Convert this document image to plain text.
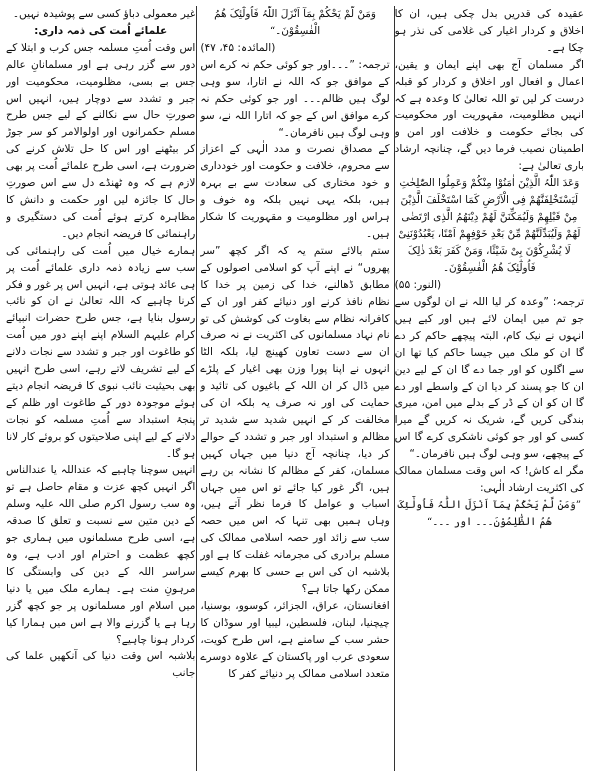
عقیدہ کی قدریں بدل چکی ہیں، ان کا اخلاق و کردار اغیار کی غلامی کی نذر ہو چکا ہے۔

اگر مسلمان آج بھی اپنے ایمان و یقین، اعمال و افعال اور اخلاق و کردار کو قبلہ درست کر لیں تو اللہ تعالیٰ کا وعدہ ہے کہ انہیں مظلومیت، مقہوریت اور محکومیت کی بجائے حکومت و خلافت اور امن و اطمینان نصیب فرما دیں گے، چنانچہ ارشاد باری تعالیٰ ہے:

وَعَدَ اللّٰہُ الَّذِیْنَ اٰمَنُوْا مِنْکُمْ وَعَمِلُوا الصّٰلِحٰتِ لَیَسْتَخْلِفَنَّھُمْ فِی الْاَرْضِ کَمَا اسْتَخْلَفَ الَّذِیْنَ مِنْ قَبْلِھِمْ وَلَیُمَکِّنَنَّ لَھُمْ دِیْنَھُمُ الَّذِی ارْتَضٰی لَھُمْ وَلَیُبَدِّلَنَّھُمْ مِّنْ بَعْدِ خَوْفِھِمْ اَمْنًا، یَعْبُدُوْنَنِیْ لَا یُشْرِکُوْنَ بِیْ شَیْئًا، وَمَنْ کَفَرَ بَعْدَ ذٰلِکَ فَاُولٰٓئِکَ ھُمُ الْفٰسِقُوْنَ۔

(النور: ۵۵)

ترجمہ: ”وعدہ کر لیا اللہ نے ان لوگوں سے جو تم میں ایمان لائے ہیں اور کیے ہیں انہوں نے نیک کام، البتہ پیچھے حاکم کر دے گا ان کو ملک میں جیسا حاکم کیا تھا ان سے اگلوں کو اور جما دے گا ان کے لیے دین ان کا جو پسند کر دیا ان کے واسطے اور دے گا ان کو ان کے ڈر کے بدلے میں امن، میری بندگی کریں گے، شریک نہ کریں گے میرا کسی کو اور جو کوئی ناشکری کرے گا اس کے پیچھے، سو وہی لوگ ہیں نافرمان۔“

مگر اے کاش! کہ اس وقت مسلمان ممالک کی اکثریت ارشاد الٰہی:

”وَمَنْ لَّمْ یَحْکُمْ بِمَآ اَنْزَلَ اللّٰہُ فَاُولٰٓئِکَ ھُمُ الظّٰلِمُوْنَ۔۔۔ اور ۔۔۔“

وَمَنْ لَّمْ یَحْکُمْ بِمَآ اَنْزَلَ اللّٰہُ فَاُولٰٓئِکَ ھُمُ الْفٰسِقُوْنَ۔“

(المائدہ: ۴۵، ۴۷)

ترجمہ: ”۔۔۔اور جو کوئی حکم نہ کرے اس کے موافق جو کہ اللہ نے اتارا، سو وہی لوگ ہیں ظالم۔۔۔ اور جو کوئی حکم نہ کرے موافق اس کے جو کہ اتارا اللہ نے، سو وہی لوگ ہیں نافرمان۔“

کے مصداق نصرت و مدد الٰہی کے اعزاز سے محروم، خلافت و حکومت اور خودداری و خود مختاری کی سعادت سے بے بہرہ ہیں، بلکہ یہی نہیں بلکہ وہ خوف و ہراس اور مظلومیت و مقہوریت کا شکار ہیں۔

ستم بالائے ستم یہ کہ اگر کچھ ”سر پھروں“ نے اپنے آپ کو اسلامی اصولوں کے مطابق ڈھالنے، خدا کی زمین پر خدا کا نظام نافذ کرنے اور دنیائے کفر اور ان کے کافرانہ نظام سے بغاوت کی کوشش کی تو نام نہاد مسلمانوں کی اکثریت نے نہ صرف ان سے دست تعاون کھینچ لیا، بلکہ الٹا انہوں نے اپنا پورا وزن بھی اغیار کے پلڑے میں ڈال کر ان اللہ کے باغیوں کی تائید و حمایت کی اور نہ صرف یہ بلکہ ان کی مخالفت کر کے انہیں شدید سے شدید تر مظالم و استبداد اور جبر و تشدد کے حوالے کر دیا، چنانچہ آج دنیا میں جہاں کہیں مسلمان، کفر کے مظالم کا نشانہ بن رہے ہیں، اگر غور کیا جائے تو اس میں جہاں اسباب و عوامل کا فرما نظر آتے ہیں، وہاں ہمیں بھی تنہا کہ اس میں حصہ سب سے زائد اور حصہ اسلامی ممالک کی مسلم برادری کی مجرمانہ غفلت کا ہے اور بلاشبہ ان کی اس بے حسی کا بھرم کیسے ممکن رکھا جاتا ہے؟

افغانستان، عراق، الجزائر، کوسوو، بوسنیا، چیچنیا، لبنان، فلسطین، لیبیا اور سوڈان کا حشر سب کے سامنے ہے، اس طرح کویت، سعودی عرب اور پاکستان کے علاوہ دوسرے متعدد اسلامی ممالک پر دنیائے کفر کا

غیر معمولی دباؤ کسی سے پوشیدہ نہیں۔

علمائے اُمت کی ذمہ داری:

اس وقت اُمتِ مسلمہ جس کرب و ابتلا کے دور سے گزر رہی ہے اور مسلمانانِ عالم جس بے بسی، مظلومیت، محکومیت اور جبر و تشدد سے دوچار ہیں، انہیں اس صورتِ حال سے نکالنے کے لیے جس طرح مسلم حکمرانوں اور اولوالامر کو سر جوڑ کر بیٹھنے اور اس کا حل تلاش کرنے کی ضرورت ہے، اسی طرح علمائے اُمت پر بھی لازم ہے کہ وہ ٹھنڈے دل سے اس صورتِ حال کا جائزہ لیں اور حکمت و دانش کا مظاہرہ کرتے ہوئے اُمت کی دستگیری و راہنمائی کا فریضہ انجام دیں۔

ہمارے خیال میں اُمت کی راہنمائی کی سب سے زیادہ ذمہ داری علمائے اُمت پر ہی عائد ہوتی ہے، انہیں اس پر غور و فکر کرنا چاہیے کہ اللہ تعالیٰ نے ان کو نائب رسول بنایا ہے، جس طرح حضرات انبیائے کرام علیہم السلام اپنے اپنے دور میں اُمت کو طاغوت اور جبر و تشدد سے نجات دلانے کے لیے تشریف لاتے رہے، اسی طرح انہیں بھی بحیثیت نائب نبوی کا فریضہ انجام دیتے ہوئے موجودہ دور کے طاغوت اور ظلم کے پنجۂ استبداد سے اُمتِ مسلمہ کو نجات دلانے کے لیے اپنی صلاحیتوں کو بروئے کار لانا ہو گا۔

انہیں سوچنا چاہیے کہ عنداللہ یا عندالناس اگر انہیں کچھ عزت و مقام حاصل ہے تو وہ سب رسول اکرم صلی اللہ علیہ وسلم کے دین متین سے نسبت و تعلق کا صدقہ ہے، اسی طرح مسلمانوں میں ہماری جو کچھ عظمت و احترام اور ادب ہے، وہ سراسر اللہ کے دین کی وابستگی کا مرہونِ منت ہے۔ ہمارے ملک میں یا دنیا میں اسلام اور مسلمانوں پر جو کچھ گزر رہا ہے یا گزرنے والا ہے اس میں ہمارا کیا کردار ہونا چاہیے؟

بلاشبہ اس وقت دنیا کی آنکھیں علما کی جانب
